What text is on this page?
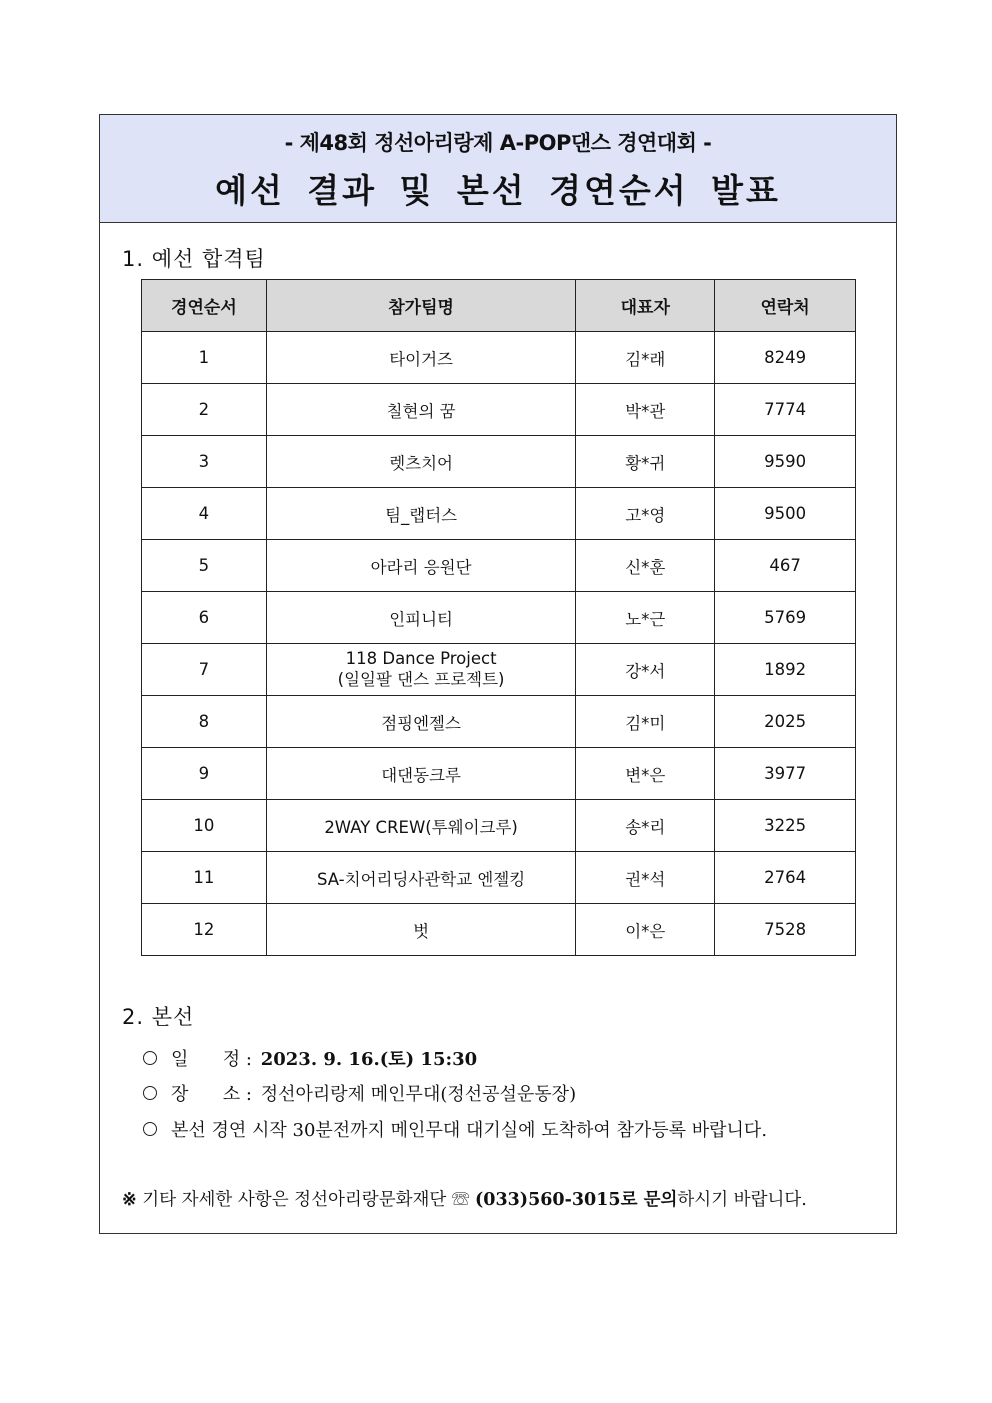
- 제48회 정선아리랑제 A-POP댄스 경연대회 -
예선 결과 및 본선 경연순서 발표
1. 예선 합격팀
경연순서	참가팀명	대표자	연락처
1	타이거즈	김*래	8249
2	칠현의 꿈	박*관	7774
3	렛츠치어	황*귀	9590
4	팀_랩터스	고*영	9500
5	아라리 응원단	신*훈	467
6	인피니티	노*근	5769
7	118 Dance Project
(일일팔 댄스 프로젝트)	강*서	1892
8	점핑엔젤스	김*미	2025
9	대댄동크루	변*은	3977
10	2WAY CREW(투웨이크루)	송*리	3225
11	SA-치어리딩사관학교 엔젤킹	권*석	2764
12	벗	이*은	7528
2. 본선
일      정 : 2023. 9. 16.(토) 15:30
장      소 : 정선아리랑제 메인무대(정선공설운동장)
본선 경연 시작 30분전까지 메인무대 대기실에 도착하여 참가등록 바랍니다.
※ 기타 자세한 사항은 정선아리랑문화재단 ☏ (033)560-3015로 문의하시기 바랍니다.
